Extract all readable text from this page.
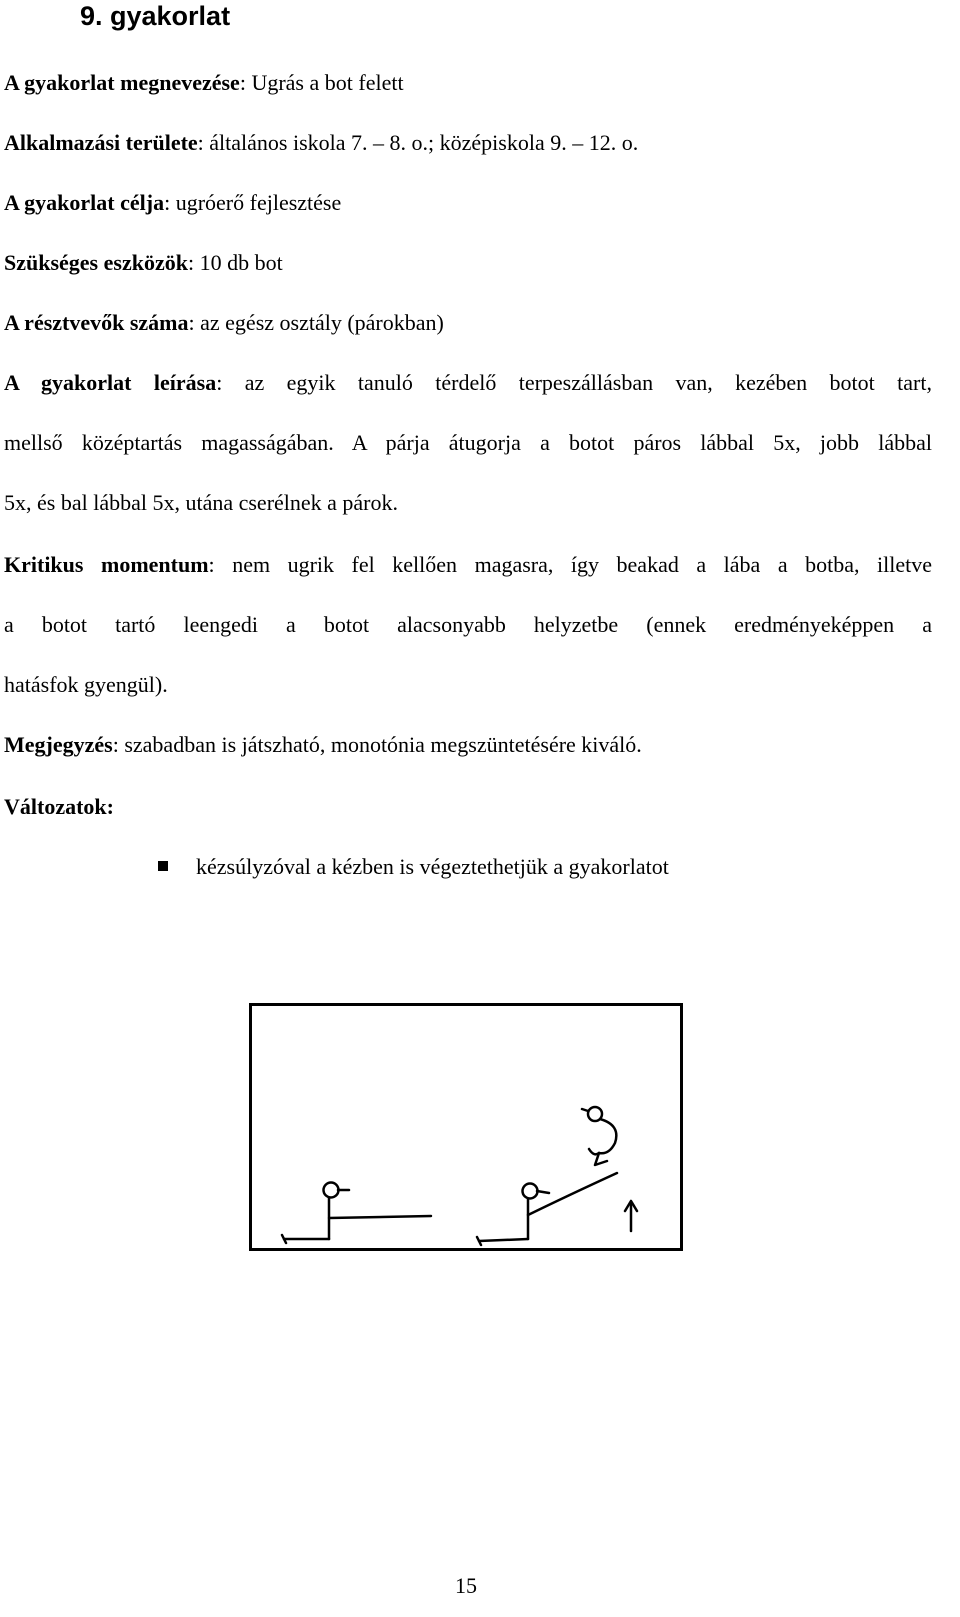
9. gyakorlat
A gyakorlat megnevezése: Ugrás a bot felett
Alkalmazási területe: általános iskola 7. – 8. o.; középiskola 9. – 12. o.
A gyakorlat célja: ugróerő fejlesztése
Szükséges eszközök: 10 db bot
A résztvevők száma: az egész osztály (párokban)
A gyakorlat leírása: az egyik tanuló térdelő terpeszállásban van, kezében botot tart,
mellső középtartás magasságában. A párja átugorja a botot páros lábbal 5x, jobb lábbal
5x, és bal lábbal 5x, utána cserélnek a párok.
Kritikus momentum: nem ugrik fel kellően magasra, így beakad a lába a botba, illetve
a botot tartó leengedi a botot alacsonyabb helyzetbe (ennek eredményeképpen a
hatásfok gyengül).
Megjegyzés: szabadban is játszható, monotónia megszüntetésére kiváló.
Változatok:
kézsúlyzóval a kézben is végeztethetjük a gyakorlatot
15
